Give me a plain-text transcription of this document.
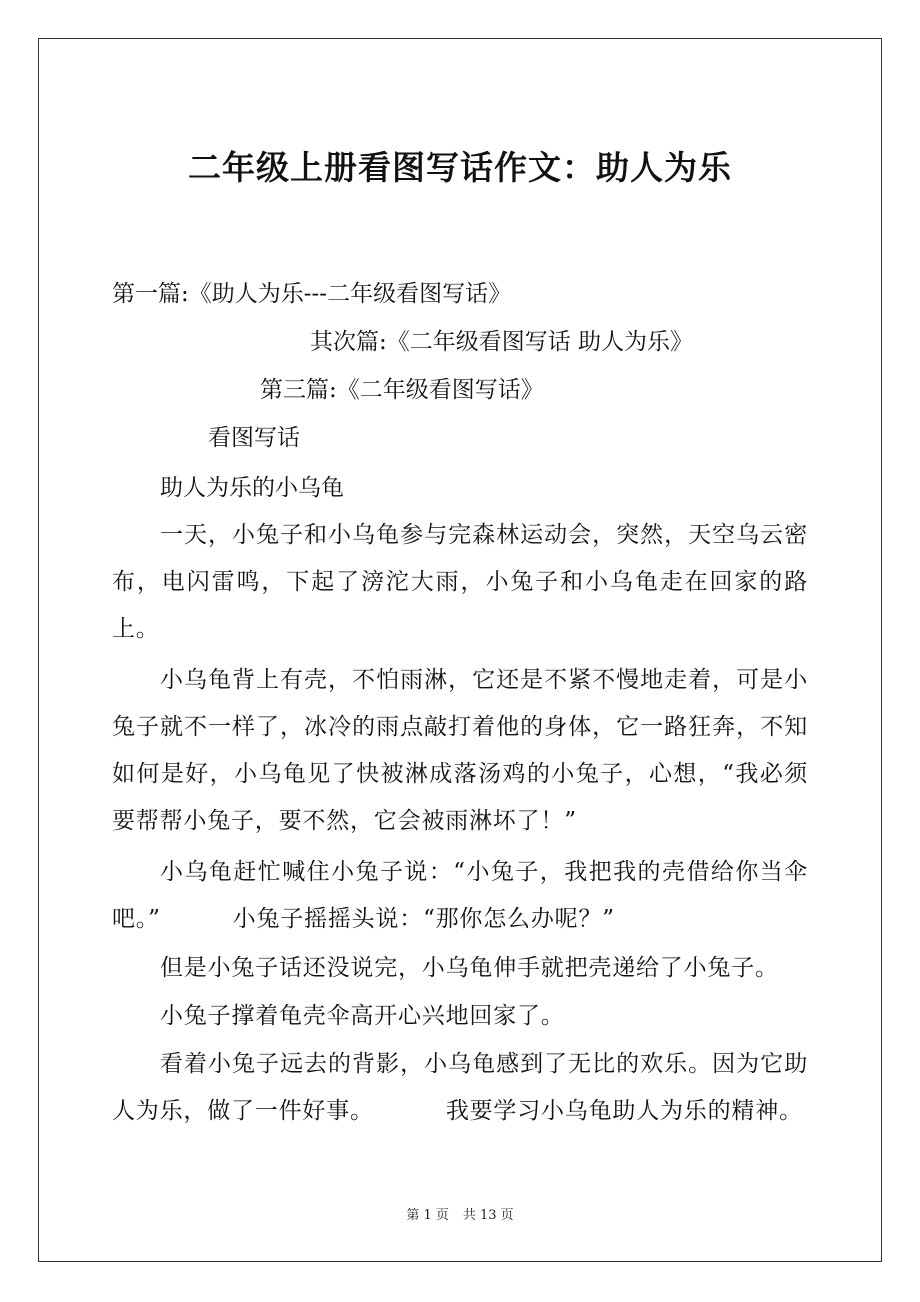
二年级上册看图写话作文：助人为乐
第一篇:《助人为乐---二年级看图写话》
其次篇:《二年级看图写话 助人为乐》
第三篇:《二年级看图写话》
看图写话
助人为乐的小乌龟
一天，小兔子和小乌龟参与完森林运动会，突然，天空乌云密布，电闪雷鸣，下起了滂沱大雨，小兔子和小乌龟走在回家的路上。
小乌龟背上有壳，不怕雨淋，它还是不紧不慢地走着，可是小兔子就不一样了，冰冷的雨点敲打着他的身体，它一路狂奔，不知如何是好，小乌龟见了快被淋成落汤鸡的小兔子，心想，“我必须要帮帮小兔子，要不然，它会被雨淋坏了！”
小乌龟赶忙喊住小兔子说：“小兔子，我把我的壳借给你当伞吧。”	小兔子摇摇头说：“那你怎么办呢？”
但是小兔子话还没说完，小乌龟伸手就把壳递给了小兔子。
小兔子撑着龟壳伞高开心兴地回家了。
看着小兔子远去的背影，小乌龟感到了无比的欢乐。因为它助人为乐，做了一件好事。	我要学习小乌龟助人为乐的精神。
第 1 页 共 13 页
